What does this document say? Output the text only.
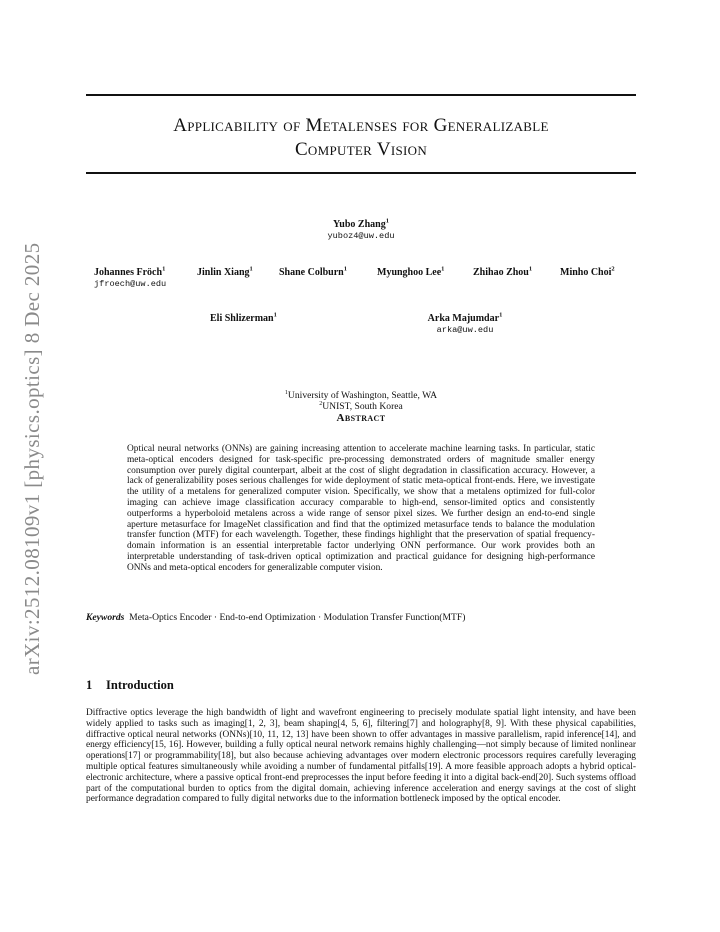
arXiv:2512.08109v1 [physics.optics] 8 Dec 2025
Applicability of Metalenses for Generalizable
Computer Vision
Yubo Zhang$^1$
yuboz4@uw.edu
Johannes Fröch$^1$
jfroech@uw.edu
Jinlin Xiang$^1$	Shane Colburn$^1$	Myunghoo Lee$^1$	Zhihao Zhou$^1$	Minho Choi$^2$
Eli Shlizerman$^1$	Arka Majumdar$^1$
arka@uw.edu
$^1$University of Washington, Seattle, WA
$^2$UNIST, South Korea
Abstract

Optical neural networks (ONNs) are gaining increasing attention to accelerate machine learning tasks. In particular, static meta-optical encoders designed for task-specific pre-processing demonstrated orders of magnitude smaller energy consumption over purely digital counterpart, albeit at the cost of slight degradation in classification accuracy. However, a lack of generalizability poses serious challenges for wide deployment of static meta-optical front-ends. Here, we investigate the utility of a metalens for generalized computer vision. Specifically, we show that a metalens optimized for full-color imaging can achieve image classification accuracy comparable to high-end, sensor-limited optics and consistently outperforms a hyperboloid metalens across a wide range of sensor pixel sizes. We further design an end-to-end single aperture metasurface for ImageNet classification and find that the optimized metasurface tends to balance the modulation transfer function (MTF) for each wavelength. Together, these findings highlight that the preservation of spatial frequency-domain information is an essential interpretable factor underlying ONN performance. Our work provides both an interpretable understanding of task-driven optical optimization and practical guidance for designing high-performance ONNs and meta-optical encoders for generalizable computer vision.

Keywords Meta-Optics Encoder · End-to-end Optimization · Modulation Transfer Function(MTF)
1 Introduction

Diffractive optics leverage the high bandwidth of light and wavefront engineering to precisely modulate spatial light intensity, and have been widely applied to tasks such as imaging[1, 2, 3], beam shaping[4, 5, 6], filtering[7] and holography[8, 9]. With these physical capabilities, diffractive optical neural networks (ONNs)[10, 11, 12, 13] have been shown to offer advantages in massive parallelism, rapid inference[14], and energy efficiency[15, 16]. However, building a fully optical neural network remains highly challenging—not simply because of limited nonlinear operations[17] or programmability[18], but also because achieving advantages over modern electronic processors requires carefully leveraging multiple optical features simultaneously while avoiding a number of fundamental pitfalls[19]. A more feasible approach adopts a hybrid optical-electronic architecture, where a passive optical front-end preprocesses the input before feeding it into a digital back-end[20]. Such systems offload part of the computational burden to optics from the digital domain, achieving inference acceleration and energy savings at the cost of slight performance degradation compared to fully digital networks due to the information bottleneck imposed by the optical encoder.
